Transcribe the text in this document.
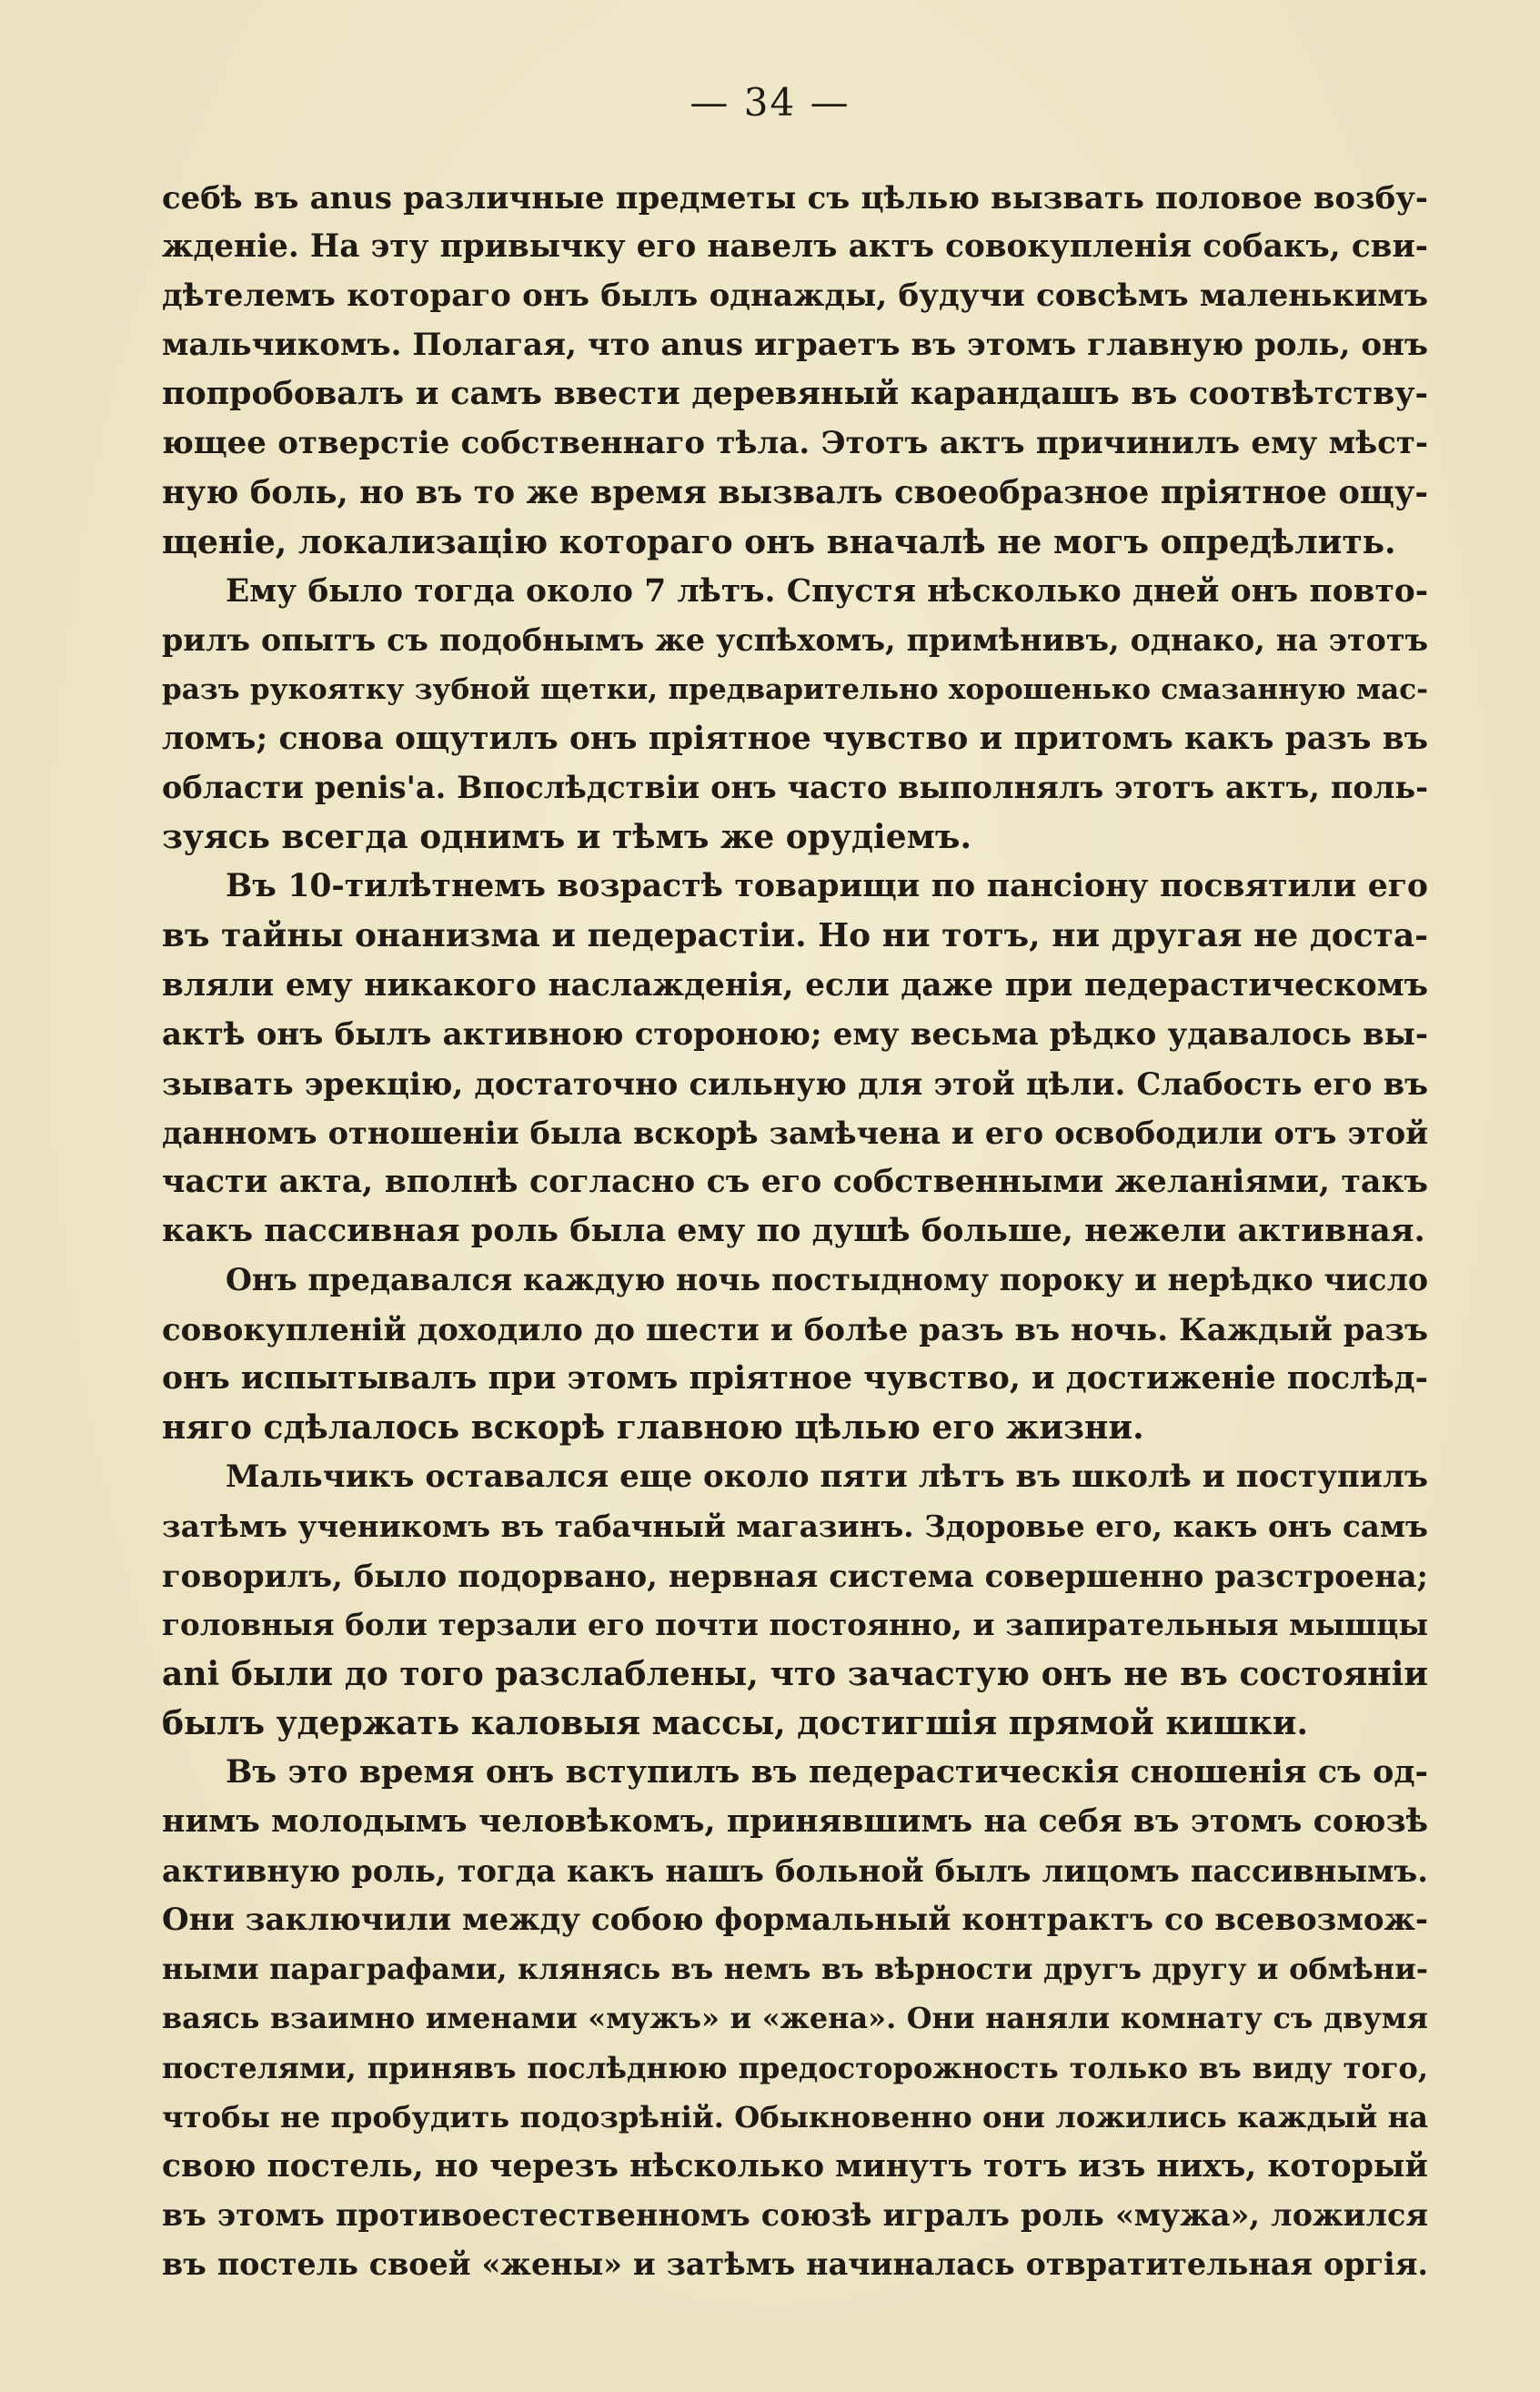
— 34 —
себѣ въ anus различные предметы съ цѣлью вызвать половое возбу-
жденіе. На эту привычку его навелъ актъ совокупленія собакъ, сви-
дѣтелемъ котораго онъ былъ однажды, будучи совсѣмъ маленькимъ
мальчикомъ. Полагая, что anus играетъ въ этомъ главную роль, онъ
попробовалъ и самъ ввести деревяный карандашъ въ соотвѣтству-
ющее отверстіе собственнаго тѣла. Этотъ актъ причинилъ ему мѣст-
ную боль, но въ то же время вызвалъ своеобразное пріятное ощу-
щеніе, локализацію котораго онъ вначалѣ не могъ опредѣлить.
Ему было тогда около 7 лѣтъ. Спустя нѣсколько дней онъ повто-
рилъ опытъ съ подобнымъ же успѣхомъ, примѣнивъ, однако, на этотъ
разъ рукоятку зубной щетки, предварительно хорошенько смазанную мас-
ломъ; снова ощутилъ онъ пріятное чувство и притомъ какъ разъ въ
области penis'а. Впослѣдствіи онъ часто выполнялъ этотъ актъ, поль-
зуясь всегда однимъ и тѣмъ же орудіемъ.
Въ 10-тилѣтнемъ возрастѣ товарищи по пансіону посвятили его
въ тайны онанизма и педерастіи. Но ни тотъ, ни другая не доста-
вляли ему никакого наслажденія, если даже при педерастическомъ
актѣ онъ былъ активною стороною; ему весьма рѣдко удавалось вы-
зывать эрекцію, достаточно сильную для этой цѣли. Слабость его въ
данномъ отношеніи была вскорѣ замѣчена и его освободили отъ этой
части акта, вполнѣ согласно съ его собственными желаніями, такъ
какъ пассивная роль была ему по душѣ больше, нежели активная.
Онъ предавался каждую ночь постыдному пороку и нерѣдко число
совокупленій доходило до шести и болѣе разъ въ ночь. Каждый разъ
онъ испытывалъ при этомъ пріятное чувство, и достиженіе послѣд-
няго сдѣлалось вскорѣ главною цѣлью его жизни.
Мальчикъ оставался еще около пяти лѣтъ въ школѣ и поступилъ
затѣмъ ученикомъ въ табачный магазинъ. Здоровье его, какъ онъ самъ
говорилъ, было подорвано, нервная система совершенно разстроена;
головныя боли терзали его почти постоянно, и запирательныя мышцы
ani были до того разслаблены, что зачастую онъ не въ состояніи
былъ удержать каловыя массы, достигшія прямой кишки.
Въ это время онъ вступилъ въ педерастическія сношенія съ од-
нимъ молодымъ человѣкомъ, принявшимъ на себя въ этомъ союзѣ
активную роль, тогда какъ нашъ больной былъ лицомъ пассивнымъ.
Они заключили между собою формальный контрактъ со всевозмож-
ными параграфами, клянясь въ немъ въ вѣрности другъ другу и обмѣни-
ваясь взаимно именами «мужъ» и «жена». Они наняли комнату съ двумя
постелями, принявъ послѣднюю предосторожность только въ виду того,
чтобы не пробудить подозрѣній. Обыкновенно они ложились каждый на
свою постель, но черезъ нѣсколько минутъ тотъ изъ нихъ, который
въ этомъ противоестественномъ союзѣ игралъ роль «мужа», ложился
въ постель своей «жены» и затѣмъ начиналась отвратительная оргія.
